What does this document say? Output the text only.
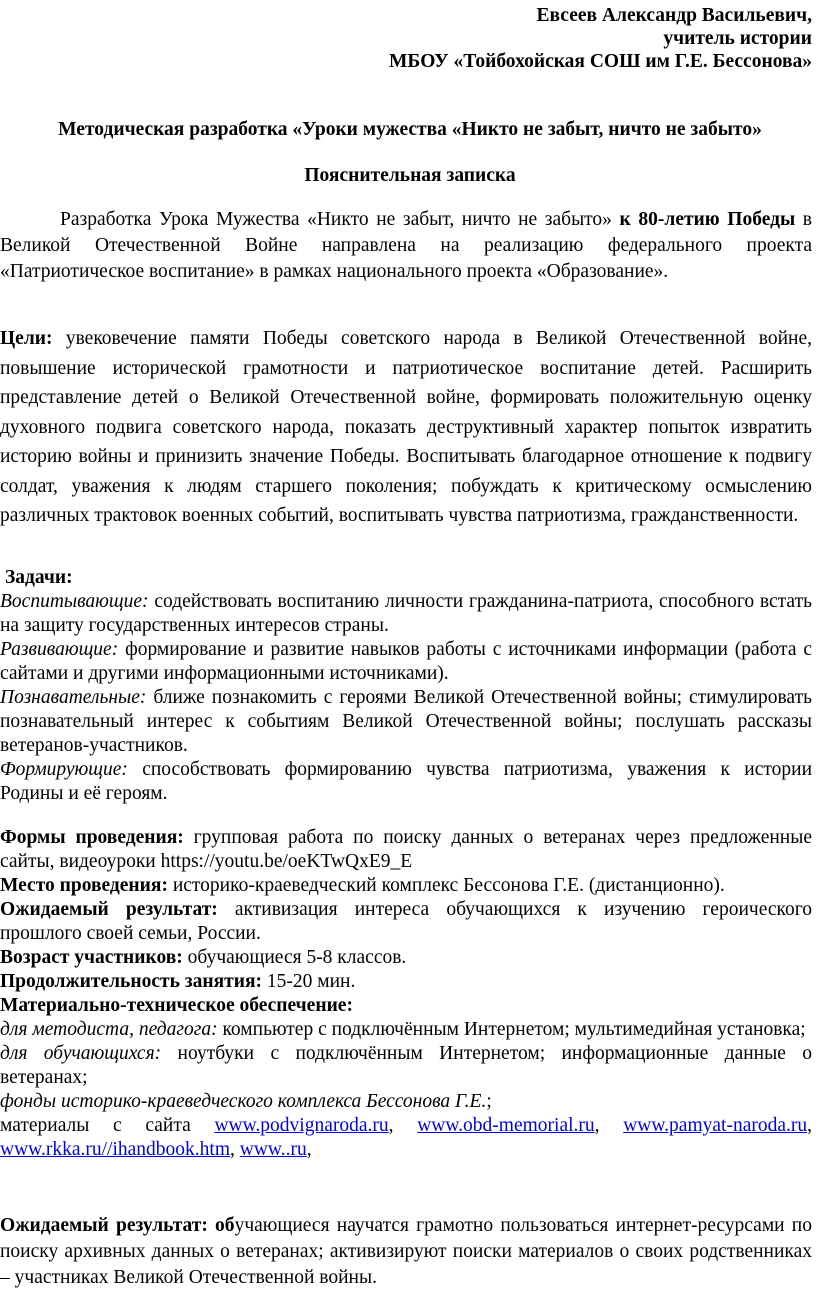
Евсеев Александр Васильевич,

учитель истории

МБОУ «Тойбохойская СОШ им Г.Е. Бессонова»

Методическая разработка «Уроки мужества «Никто не забыт, ничто не забыто»
Пояснительная записка

Разработка Урока Мужества «Никто не забыт, ничто не забыто» к 80-летию Победы в Великой Отечественной Войне направлена на реализацию федерального проекта «Патриотическое воспитание» в рамках национального проекта «Образование».

Цели: увековечение памяти Победы советского народа в Великой Отечественной войне, повышение исторической грамотности и патриотическое воспитание детей. Расширить представление детей о Великой Отечественной войне, формировать положительную оценку духовного подвига советского народа, показать деструктивный характер попыток извратить историю войны и принизить значение Победы. Воспитывать благодарное отношение к подвигу солдат, уважения к людям старшего поколения; побуждать к критическому осмыслению различных трактовок военных событий, воспитывать чувства патриотизма, гражданственности.

Задачи:

Воспитывающие: содействовать воспитанию личности гражданина-патриота, способного встать на защиту государственных интересов страны.

Развивающие: формирование и развитие навыков работы с источниками информации (работа с сайтами и другими информационными источниками).

Познавательные: ближе познакомить с героями Великой Отечественной войны; стимулировать познавательный интерес к событиям Великой Отечественной войны; послушать рассказы ветеранов-участников.

Формирующие: способствовать формированию чувства патриотизма, уважения к истории Родины и её героям.

Формы проведения: групповая работа по поиску данных о ветеранах через предложенные сайты, видеоуроки https://youtu.be/oeKTwQxE9_E

Место проведения: историко-краеведческий комплекс Бессонова Г.Е. (дистанционно).

Ожидаемый результат: активизация интереса обучающихся к изучению героического прошлого своей семьи, России.

Возраст участников: обучающиеся 5-8 классов.

Продолжительность занятия: 15-20 мин.

Материально-техническое обеспечение:

для методиста, педагога: компьютер с подключённым Интернетом; мультимедийная установка;

для обучающихся: ноутбуки с подключённым Интернетом; информационные данные о ветеранах;

фонды историко-краеведческого комплекса Бессонова Г.Е.;

материалы с сайта www.podvignaroda.ru, www.obd-memorial.ru, www.pamyat-naroda.ru, www.rkka.ru//ihandbook.htm, www..ru,

Ожидаемый результат: обучающиеся научатся грамотно пользоваться интернет-ресурсами по поиску архивных данных о ветеранах; активизируют поиски материалов о своих родственниках – участниках Великой Отечественной войны.
